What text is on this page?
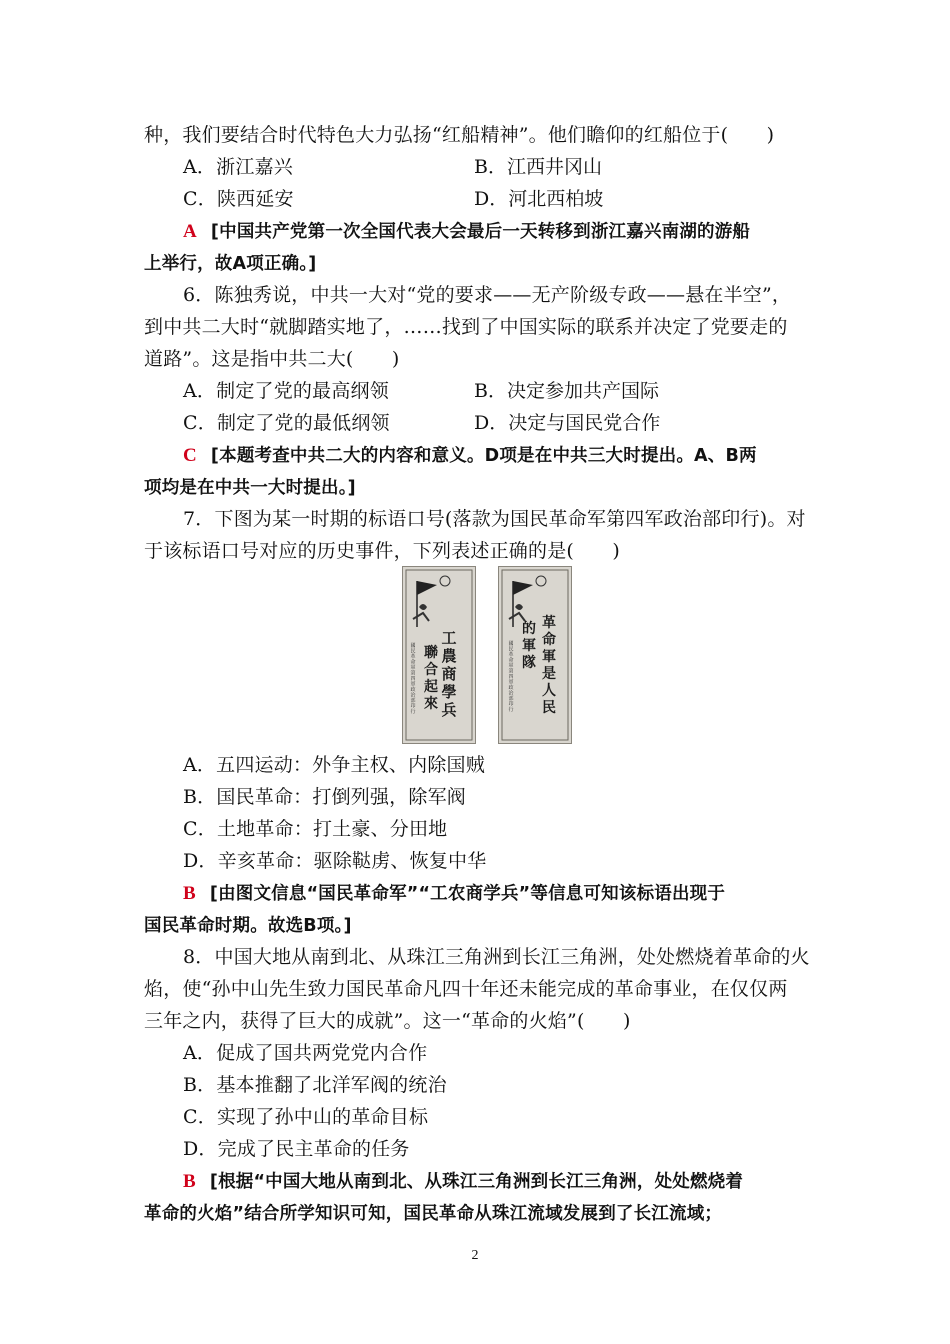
种，我们要结合时代特色大力弘扬“红船精神”。他们瞻仰的红船位于(　　)
A．浙江嘉兴	B．江西井冈山
C．陕西延安	D．河北西柏坡
A [中国共产党第一次全国代表大会最后一天转移到浙江嘉兴南湖的游船
上举行，故A项正确。]
6．陈独秀说，中共一大对“党的要求——无产阶级专政——悬在半空”，
到中共二大时“就脚踏实地了，……找到了中国实际的联系并决定了党要走的
道路”。这是指中共二大(　　)
A．制定了党的最高纲领	B．决定参加共产国际
C．制定了党的最低纲领	D．决定与国民党合作
C [本题考查中共二大的内容和意义。D项是在中共三大时提出。A、B两
项均是在中共一大时提出。]
7．下图为某一时期的标语口号(落款为国民革命军第四军政治部印行)。对
于该标语口号对应的历史事件，下列表述正确的是(　　)
工農商學兵
聯合起來
國民革命軍第四軍政治部印行
革命軍是人民
的軍隊
國民革命軍第四軍政治部印行
A．五四运动：外争主权、内除国贼
B．国民革命：打倒列强，除军阀
C．土地革命：打土豪、分田地
D．辛亥革命：驱除鞑虏、恢复中华
B [由图文信息“国民革命军”“工农商学兵”等信息可知该标语出现于
国民革命时期。故选B项。]
8．中国大地从南到北、从珠江三角洲到长江三角洲，处处燃烧着革命的火
焰，使“孙中山先生致力国民革命凡四十年还未能完成的革命事业，在仅仅两
三年之内，获得了巨大的成就”。这一“革命的火焰”(　　)
A．促成了国共两党党内合作
B．基本推翻了北洋军阀的统治
C．实现了孙中山的革命目标
D．完成了民主革命的任务
B [根据“中国大地从南到北、从珠江三角洲到长江三角洲，处处燃烧着
革命的火焰”结合所学知识可知，国民革命从珠江流域发展到了长江流域；
2
